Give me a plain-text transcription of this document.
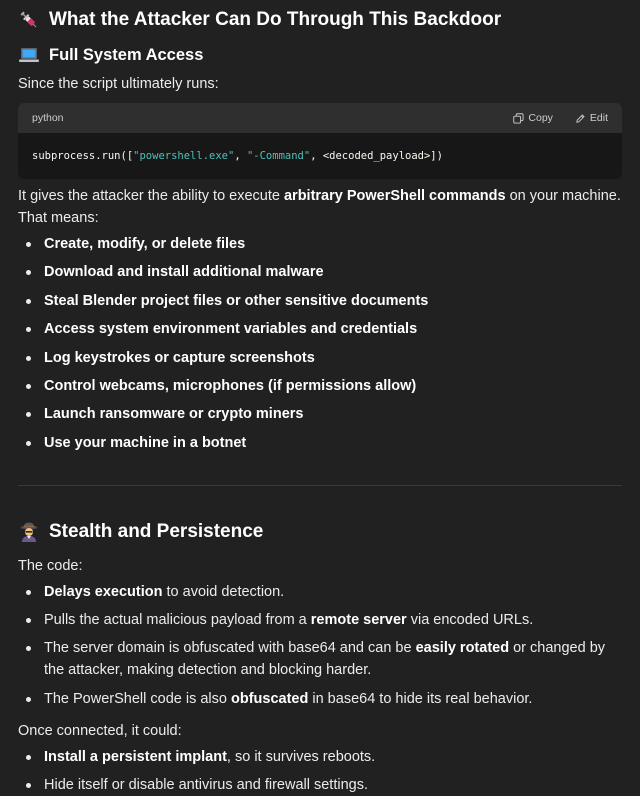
What the Attacker Can Do Through This Backdoor
Full System Access

Since the script ultimately runs:

python	Copy	Edit
subprocess.run([ "powershell.exe" , "-Command" , <decoded_payload>])

It gives the attacker the ability to execute arbitrary PowerShell commands on your machine. That means:

Create, modify, or delete files
Download and install additional malware
Steal Blender project files or other sensitive documents
Access system environment variables and credentials
Log keystrokes or capture screenshots
Control webcams, microphones (if permissions allow)
Launch ransomware or crypto miners
Use your machine in a botnet
Stealth and Persistence

The code:

Delays execution to avoid detection.
Pulls the actual malicious payload from a remote server via encoded URLs.
The server domain is obfuscated with base64 and can be easily rotated or changed by the attacker, making detection and blocking harder.
The PowerShell code is also obfuscated in base64 to hide its real behavior.

Once connected, it could:

Install a persistent implant, so it survives reboots.
Hide itself or disable antivirus and firewall settings.
